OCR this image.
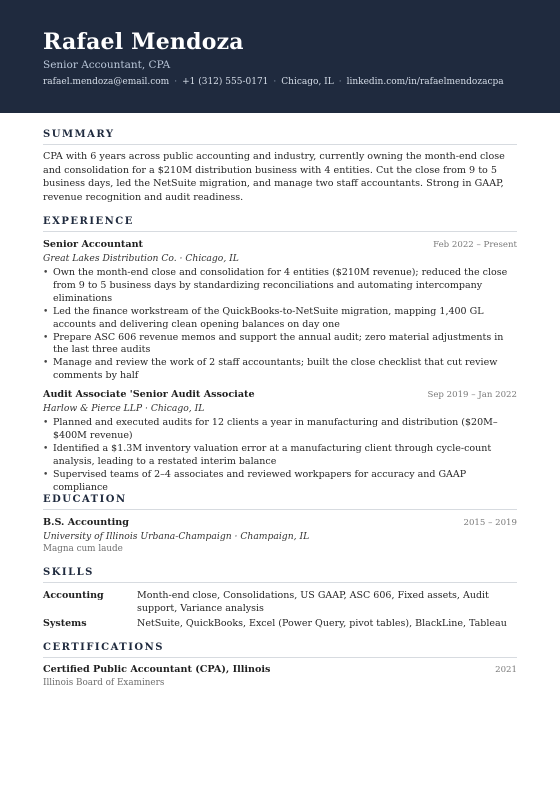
Rafael Mendoza
Senior Accountant, CPA
rafael.mendoza@email.com · +1 (312) 555-0171 · Chicago, IL · linkedin.com/in/rafaelmendozacpa
SUMMARY
CPA with 6 years across public accounting and industry, currently owning the month-end close and consolidation for a $210M distribution business with 4 entities. Cut the close from 9 to 5 business days, led the NetSuite migration, and manage two staff accountants. Strong in GAAP, revenue recognition and audit readiness.
EXPERIENCE
Senior Accountant	Feb 2022 – Present
Great Lakes Distribution Co. · Chicago, IL
• Own the month-end close and consolidation for 4 entities ($210M revenue); reduced the close from 9 to 5 business days by standardizing reconciliations and automating intercompany eliminations
• Led the finance workstream of the QuickBooks-to-NetSuite migration, mapping 1,400 GL accounts and delivering clean opening balances on day one
• Prepare ASC 606 revenue memos and support the annual audit; zero material adjustments in the last three audits
• Manage and review the work of 2 staff accountants; built the close checklist that cut review comments by half
Audit Associate 'Senior Audit Associate	Sep 2019 – Jan 2022
Harlow & Pierce LLP · Chicago, IL
• Planned and executed audits for 12 clients a year in manufacturing and distribution ($20M–$400M revenue)
• Identified a $1.3M inventory valuation error at a manufacturing client through cycle-count analysis, leading to a restated interim balance
• Supervised teams of 2–4 associates and reviewed workpapers for accuracy and GAAP compliance
EDUCATION
B.S. Accounting	2015 – 2019
University of Illinois Urbana-Champaign · Champaign, IL
Magna cum laude
SKILLS
Accounting	Month-end close, Consolidations, US GAAP, ASC 606, Fixed assets, Audit support, Variance analysis
Systems	NetSuite, QuickBooks, Excel (Power Query, pivot tables), BlackLine, Tableau
CERTIFICATIONS
Certified Public Accountant (CPA), Illinois	2021
Illinois Board of Examiners
